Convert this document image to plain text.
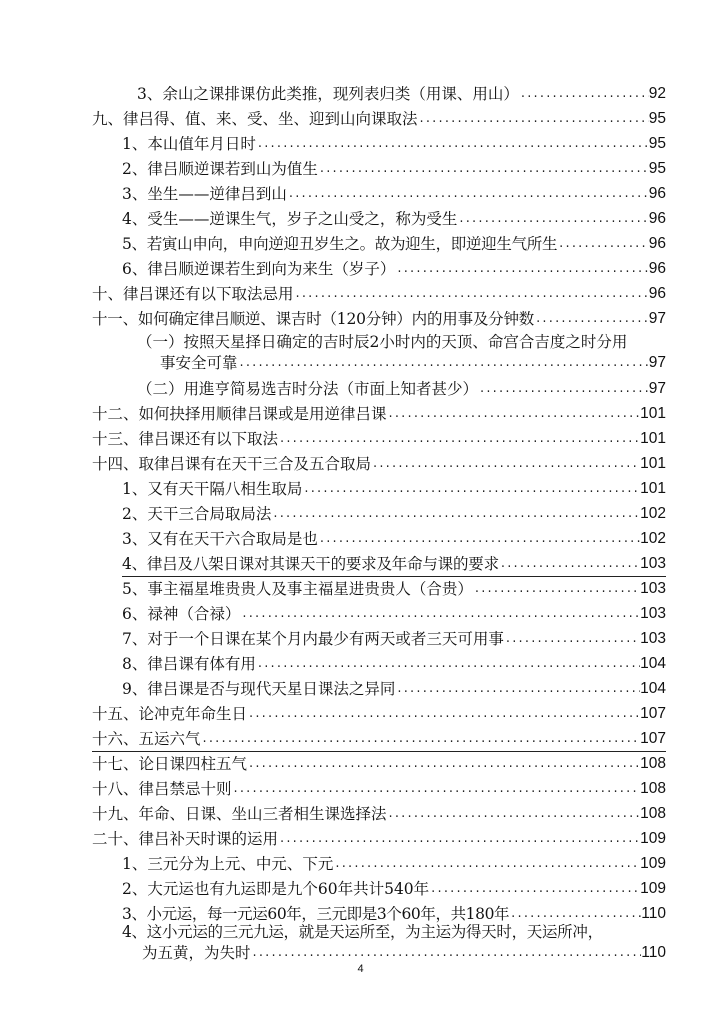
3、余山之课排课仿此类推，现列表归类（用课、用山） .....	92
九、律吕得、值、来、受、坐、迎到山向课取法 .....	95
1、本山值年月日时 .....	95
2、律吕顺逆课若到山为值生 .....	95
3、坐生——逆律吕到山 .....	96
4、受生——逆课生气，岁子之山受之，称为受生 .....	96
5、若寅山申向，申向逆迎丑岁生之。故为迎生，即逆迎生气所生 .....	96
6、律吕顺逆课若生到向为来生（岁子） .....	96
十、律吕课还有以下取法忌用 .....	96
十一、如何确定律吕顺逆、课吉时（120分钟）内的用事及分钟数 .....	97
（一）按照天星择日确定的吉时辰2小时内的天顶、命宫合吉度之时分用
事安全可靠 .....	97
（二）用進亨简易选吉时分法（市面上知者甚少） .....	97
十二、如何抉择用顺律吕课或是用逆律吕课 .....	101
十三、律吕课还有以下取法 .....	101
十四、取律吕课有在天干三合及五合取局 .....	101
1、又有天干隔八相生取局 .....	101
2、天干三合局取局法 .....	102
3、又有在天干六合取局是也 .....	102
4、律吕及八架日课对其课天干的要求及年命与课的要求 .....	103
5、事主福星堆贵贵人及事主福星进贵贵人（合贵） .....	103
6、禄神（合禄） .....	103
7、对于一个日课在某个月内最少有两天或者三天可用事 .....	103
8、律吕课有体有用 .....	104
9、律吕课是否与现代天星日课法之异同 .....	104
十五、论冲克年命生日 .....	107
十六、五运六气 .....	107
十七、论日课四柱五气 .....	108
十八、律吕禁忌十则 .....	108
十九、年命、日课、坐山三者相生课选择法 .....	108
二十、律吕补天时课的运用 .....	109
1、三元分为上元、中元、下元 .....	109
2、大元运也有九运即是九个60年共计540年 .....	109
3、小元运，每一元运60年，三元即是3个60年，共180年 .....	110
4、这小元运的三元九运，就是天运所至，为主运为得天时，天运所冲，
为五黄，为失时 .....	110
4
